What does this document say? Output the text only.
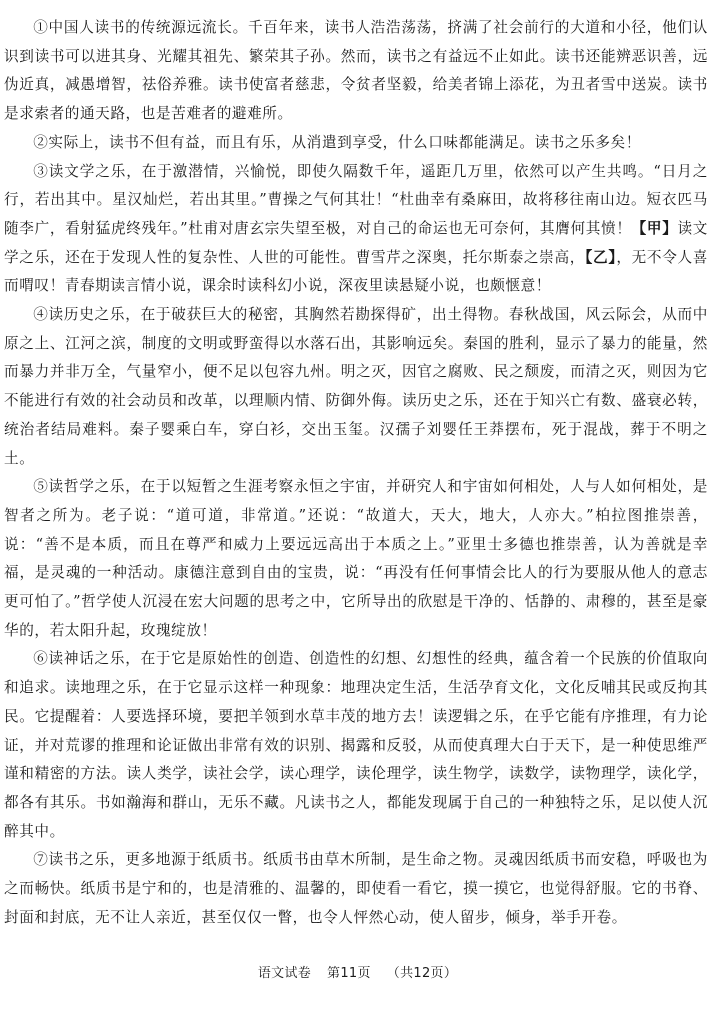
①中国人读书的传统源远流长。千百年来，读书人浩浩荡荡，挤满了社会前行的大道和小径，他们认识到读书可以进其身、光耀其祖先、繁荣其子孙。然而，读书之有益远不止如此。读书还能辨恶识善，远伪近真，减愚增智，祛俗养雅。读书使富者慈悲，令贫者坚毅，给美者锦上添花，为丑者雪中送炭。读书是求索者的通天路，也是苦难者的避难所。

②实际上，读书不但有益，而且有乐，从消遣到享受，什么口味都能满足。读书之乐多矣！

③读文学之乐，在于激潜情，兴愉悦，即使久隔数千年，遥距几万里，依然可以产生共鸣。“日月之行，若出其中。星汉灿烂，若出其里。”曹操之气何其壮！“杜曲幸有桑麻田，故将移往南山边。短衣匹马随李广，看射猛虎终残年。”杜甫对唐玄宗失望至极，对自己的命运也无可奈何，其膺何其愤！【甲】读文学之乐，还在于发现人性的复杂性、人世的可能性。曹雪芹之深奥，托尔斯泰之崇高，【乙】，无不令人喜而喟叹！青春期读言情小说，课余时读科幻小说，深夜里读悬疑小说，也颇惬意！

④读历史之乐，在于破获巨大的秘密，其胸然若勘探得矿，出土得物。春秋战国，风云际会，从而中原之上、江河之滨，制度的文明或野蛮得以水落石出，其影响远矣。秦国的胜利，显示了暴力的能量，然而暴力并非万全，气量窄小，便不足以包容九州。明之灭，因官之腐败、民之颓废，而清之灭，则因为它不能进行有效的社会动员和改革，以理顺内情、防御外侮。读历史之乐，还在于知兴亡有数、盛衰必转，统治者结局难料。秦子婴乘白车，穿白衫，交出玉玺。汉孺子刘婴任王莽摆布，死于混战，葬于不明之土。

⑤读哲学之乐，在于以短暂之生涯考察永恒之宇宙，并研究人和宇宙如何相处，人与人如何相处，是智者之所为。老子说：“道可道，非常道。”还说：“故道大，天大，地大，人亦大。”柏拉图推崇善，说：“善不是本质，而且在尊严和威力上要远远高出于本质之上。”亚里士多德也推崇善，认为善就是幸福，是灵魂的一种活动。康德注意到自由的宝贵，说：“再没有任何事情会比人的行为要服从他人的意志更可怕了。”哲学使人沉浸在宏大问题的思考之中，它所导出的欣慰是干净的、恬静的、肃穆的，甚至是豪华的，若太阳升起，玫瑰绽放！

⑥读神话之乐，在于它是原始性的创造、创造性的幻想、幻想性的经典，蕴含着一个民族的价值取向和追求。读地理之乐，在于它显示这样一种现象：地理决定生活，生活孕育文化，文化反哺其民或反拘其民。它提醒着：人要选择环境，要把羊领到水草丰茂的地方去！读逻辑之乐，在乎它能有序推理，有力论证，并对荒谬的推理和论证做出非常有效的识别、揭露和反驳，从而使真理大白于天下，是一种使思维严谨和精密的方法。读人类学，读社会学，读心理学，读伦理学，读生物学，读数学，读物理学，读化学，都各有其乐。书如瀚海和群山，无乐不藏。凡读书之人，都能发现属于自己的一种独特之乐，足以使人沉醉其中。

⑦读书之乐，更多地源于纸质书。纸质书由草木所制，是生命之物。灵魂因纸质书而安稳，呼吸也为之而畅快。纸质书是宁和的，也是清雅的、温馨的，即使看一看它，摸一摸它，也觉得舒服。它的书脊、封面和封底，无不让人亲近，甚至仅仅一瞥，也令人怦然心动，使人留步，倾身，举手开卷。

语文试卷 第11页 （共12页）
